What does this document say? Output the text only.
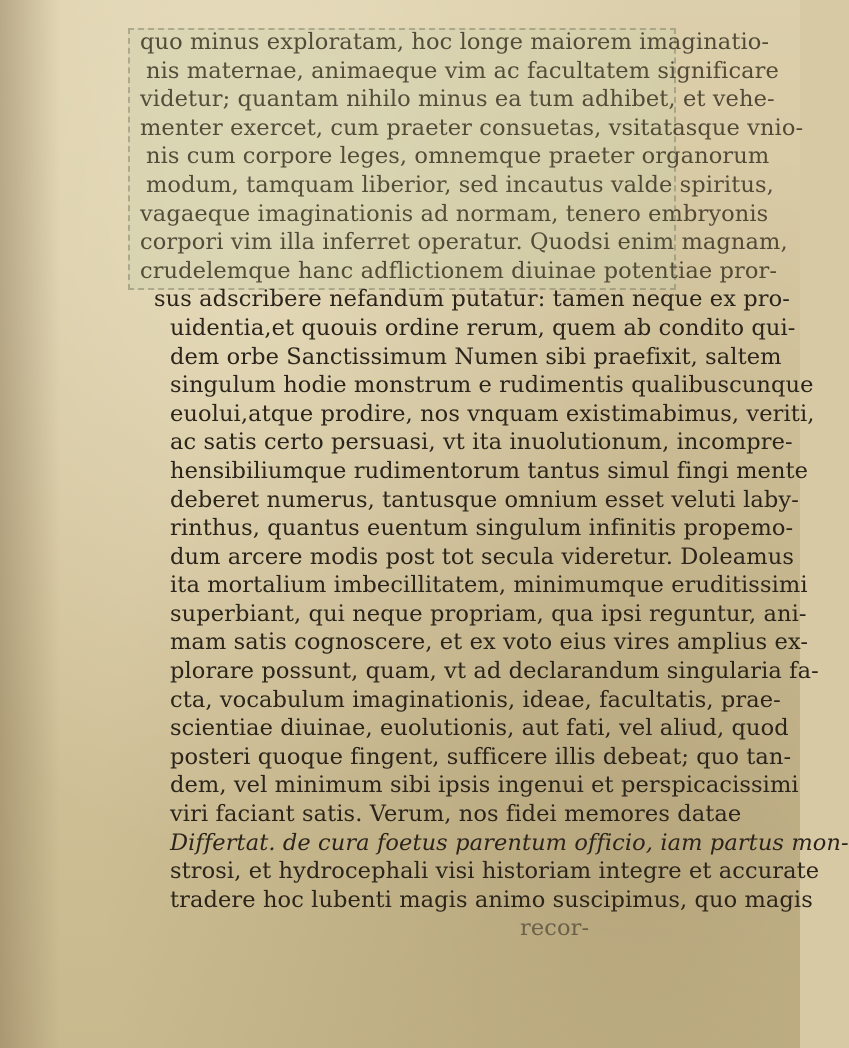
quo minus exploratam, hoc longe maiorem imaginatio-
nis maternae, animaeque vim ac facultatem significare
videtur; quantam nihilo minus ea tum adhibet, et vehe-
menter exercet, cum praeter consuetas, vsitatasque vnio-
nis cum corpore leges, omnemque praeter organorum
modum, tamquam liberior, sed incautus valde spiritus,
vagaeque imaginationis ad normam, tenero embryonis
corpori vim illa inferret operatur. Quodsi enim magnam,
crudelemque hanc adflictionem diuinae potentiae pror-
sus adscribere nefandum putatur: tamen neque ex pro-
uidentia,et quouis ordine rerum, quem ab condito qui-
dem orbe Sanctissimum Numen sibi praefixit, saltem
singulum hodie monstrum e rudimentis qualibuscunque
euolui,atque prodire, nos vnquam existimabimus, veriti,
ac satis certo persuasi, vt ita inuolutionum, incompre-
hensibiliumque rudimentorum tantus simul fingi mente
deberet numerus, tantusque omnium esset veluti laby-
rinthus, quantus euentum singulum infinitis propemo-
dum arcere modis post tot secula videretur. Doleamus
ita mortalium imbecillitatem, minimumque eruditissimi
superbiant, qui neque propriam, qua ipsi reguntur, ani-
mam satis cognoscere, et ex voto eius vires amplius ex-
plorare possunt, quam, vt ad declarandum singularia fa-
cta, vocabulum imaginationis, ideae, facultatis, prae-
scientiae diuinae, euolutionis, aut fati, vel aliud, quod
posteri quoque fingent, sufficere illis debeat; quo tan-
dem, vel minimum sibi ipsis ingenui et perspicacissimi
viri faciant satis. Verum, nos fidei memores datae
Differtat. de cura foetus parentum officio, iam partus mon-
strosi, et hydrocephali visi historiam integre et accurate
tradere hoc lubenti magis animo suscipimus, quo magis
recor-
